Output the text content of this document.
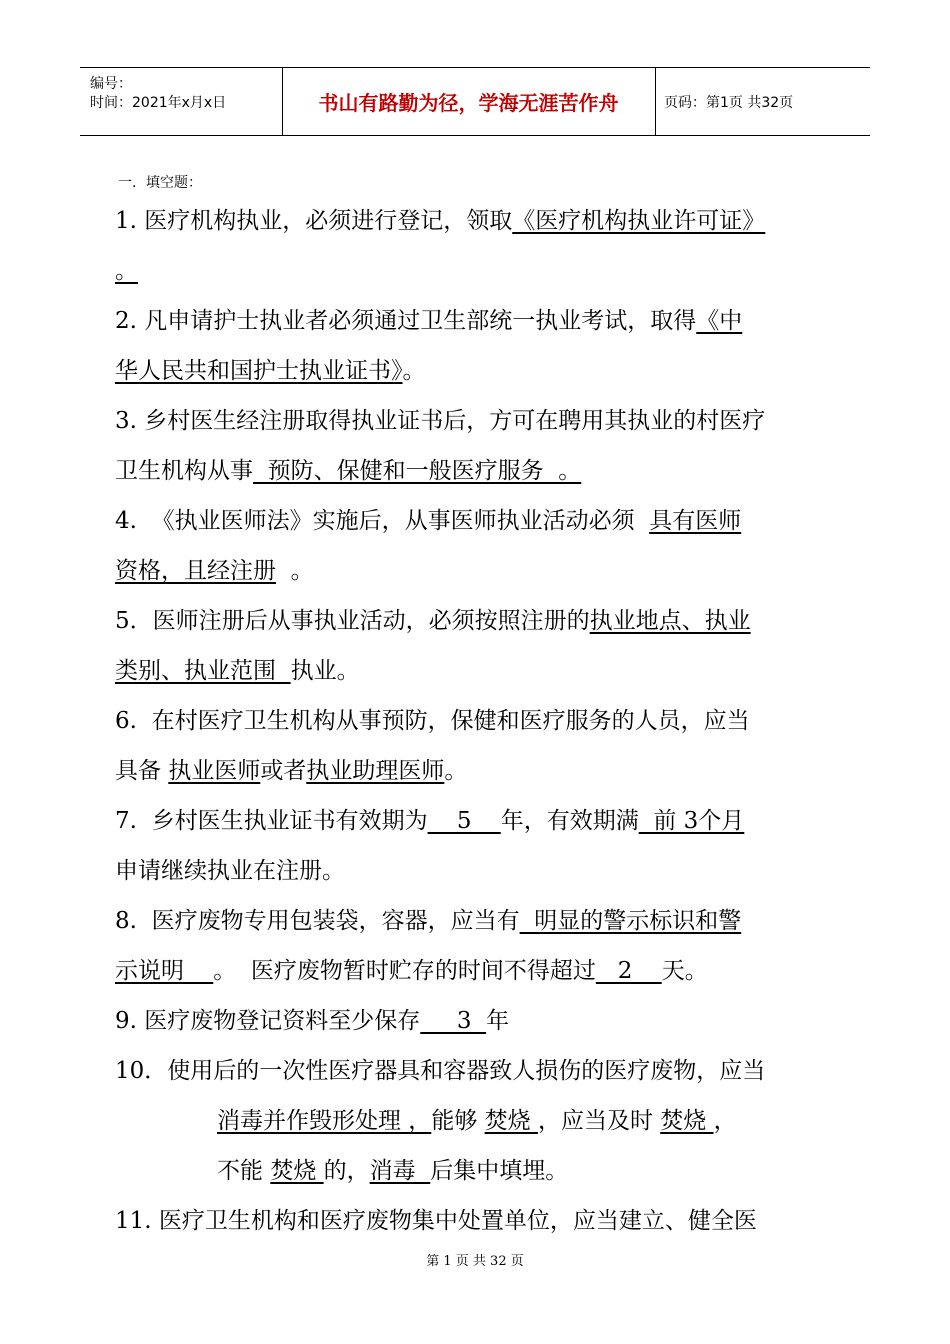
编号：
时间：2021年x月x日	书山有路勤为径，学海无涯苦作舟	页码：第1页 共32页
一．填空题：
1. 医疗机构执业，必须进行登记，领取《医疗机构执业许可证》
。
2. 凡申请护士执业者必须通过卫生部统一执业考试，取得《中
华人民共和国护士执业证书》。
3. 乡村医生经注册取得执业证书后，方可在聘用其执业的村医疗
卫生机构从事  预防、保健和一般医疗服务  。
4.  《执业医师法》实施后，从事医师执业活动必须  具有医师
资格，且经注册  。
5．医师注册后从事执业活动，必须按照注册的执业地点、执业
类别、执业范围  执业。
6.  在村医疗卫生机构从事预防，保健和医疗服务的人员，应当
具备 执业医师或者执业助理医师。
7.  乡村医生执业证书有效期为    5    年，有效期满  前 3个月
申请继续执业在注册。
8.  医疗废物专用包装袋，容器，应当有  明显的警示标识和警
示说明    。  医疗废物暂时贮存的时间不得超过   2    天。
9. 医疗废物登记资料至少保存     3  年
10．使用后的一次性医疗器具和容器致人损伤的医疗废物，应当
消毒并作毁形处理 ，能够 焚烧 ，应当及时 焚烧 ，
不能 焚烧 的，消毒  后集中填埋。
11. 医疗卫生机构和医疗废物集中处置单位，应当建立、健全医
第 1 页 共 32 页
